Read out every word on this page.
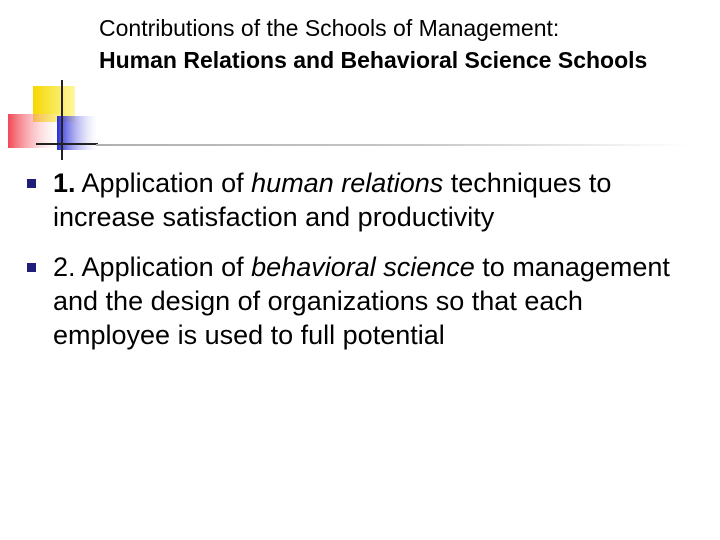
Contributions of the Schools of Management:
Human Relations and Behavioral Science Schools
1. Application of human relations techniques to increase satisfaction and productivity
2. Application of behavioral science to management and the design of organizations so that each employee is used to full potential
